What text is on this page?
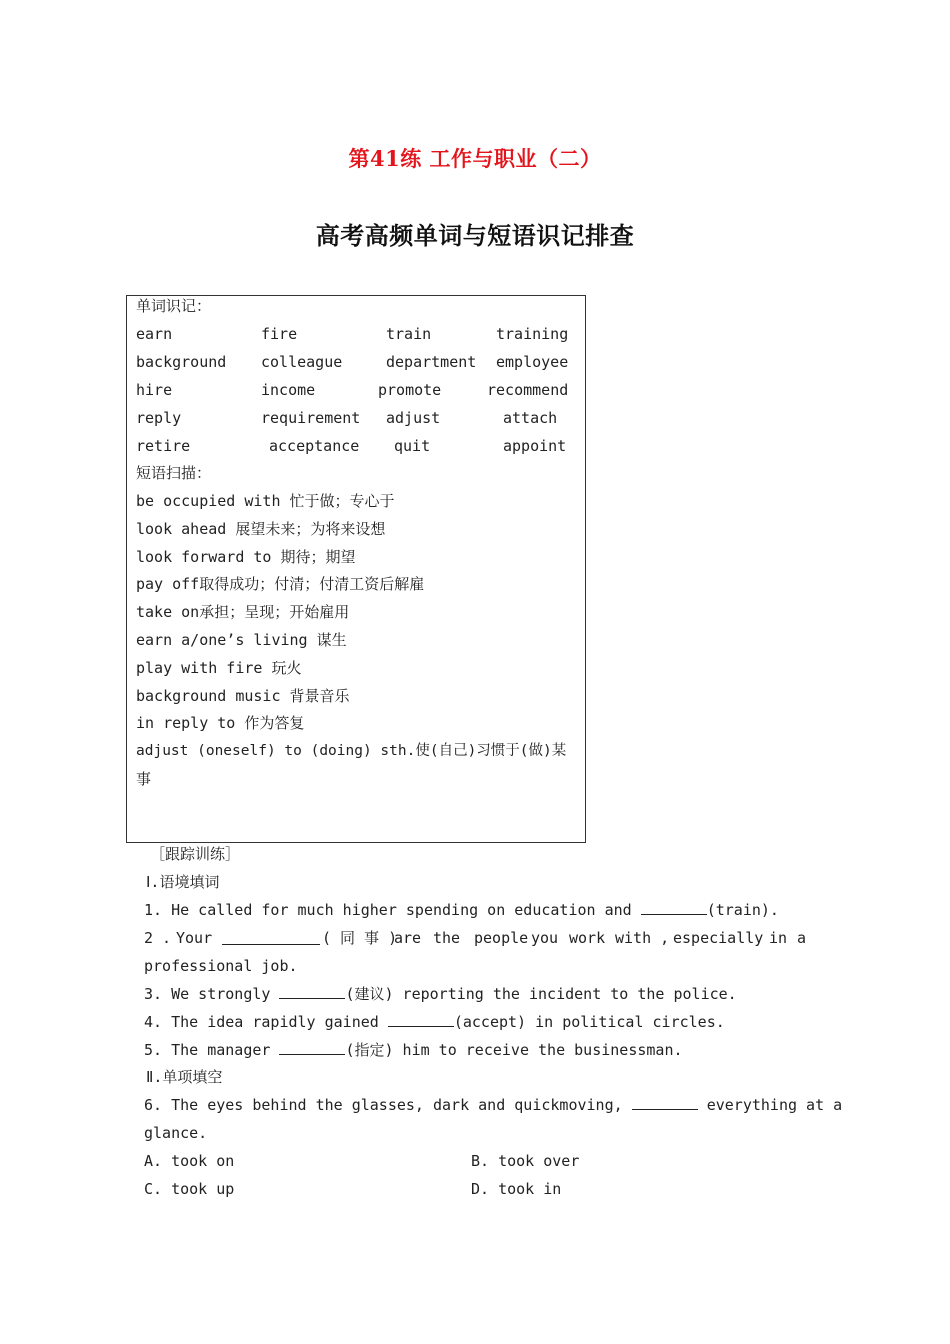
第41练 工作与职业（二）
高考高频单词与短语识记排查
单词识记：
earn	fire	train	training
background colleague	department employee
hire	income	promote	recommend
reply	requirement adjust	attach
retire	acceptance quit	appoint
短语扫描：
be occupied with 忙于做；专心于
look ahead 展望未来；为将来设想
look forward to 期待；期望
pay off取得成功；付清；付清工资后解雇
take on承担；呈现；开始雇用
earn a/one’s living 谋生
play with fire 玩火
background music 背景音乐
in reply to 作为答复
adjust (oneself) to (doing) sth.使(自己)习惯于(做)某
事
［跟踪训练］
Ⅰ.语境填词
1. He called for much higher spending on education and	(train).
2 . Your	( 同 事 )
are the people you work with , especially in a
professional job.
3. We strongly	(建议) reporting the incident to the police.
4. The idea rapidly gained	(accept) in political circles.
5. The manager	(指定) him to receive the businessman.
Ⅱ.单项填空
6. The eyes behind the glasses, dark and quickmoving,	everything at a
glance.
A. took on	B. took over
C. took up	D. took in
